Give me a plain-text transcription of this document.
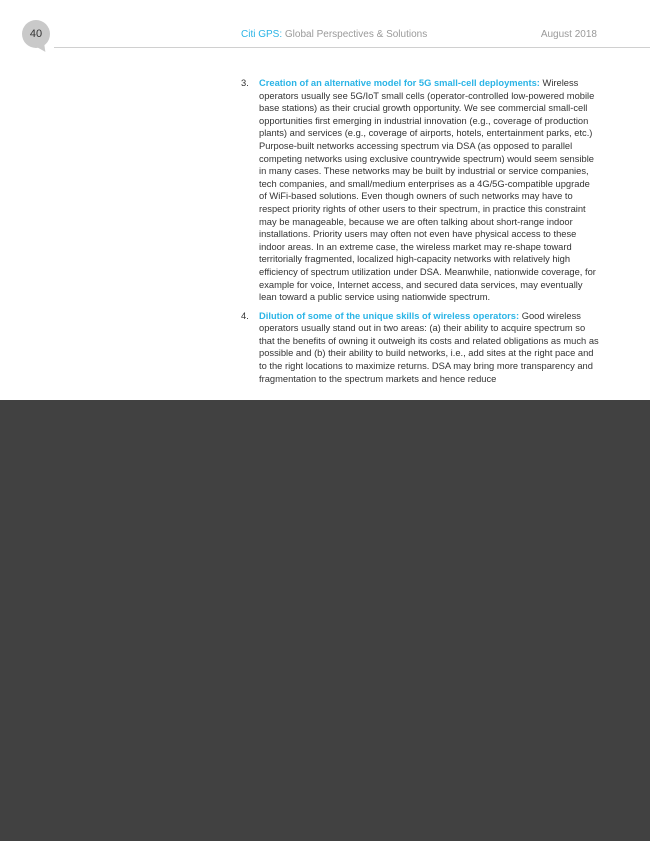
40	Citi GPS: Global Perspectives & Solutions	August 2018
3. Creation of an alternative model for 5G small-cell deployments: Wireless operators usually see 5G/IoT small cells (operator-controlled low-powered mobile base stations) as their crucial growth opportunity. We see commercial small-cell opportunities first emerging in industrial innovation (e.g., coverage of production plants) and services (e.g., coverage of airports, hotels, entertainment parks, etc.) Purpose-built networks accessing spectrum via DSA (as opposed to parallel competing networks using exclusive countrywide spectrum) would seem sensible in many cases. These networks may be built by industrial or service companies, tech companies, and small/medium enterprises as a 4G/5G-compatible upgrade of WiFi-based solutions. Even though owners of such networks may have to respect priority rights of other users to their spectrum, in practice this constraint may be manageable, because we are often talking about short-range indoor installations. Priority users may often not even have physical access to these indoor areas. In an extreme case, the wireless market may re-shape toward territorially fragmented, localized high-capacity networks with relatively high efficiency of spectrum utilization under DSA. Meanwhile, nationwide coverage, for example for voice, Internet access, and secured data services, may eventually lean toward a public service using nationwide spectrum.
4. Dilution of some of the unique skills of wireless operators: Good wireless operators usually stand out in two areas: (a) their ability to acquire spectrum so that the benefits of owning it outweigh its costs and related obligations as much as possible and (b) their ability to build networks, i.e., add sites at the right pace and to the right locations to maximize returns. DSA may bring more transparency and fragmentation to the spectrum markets and hence reduce
